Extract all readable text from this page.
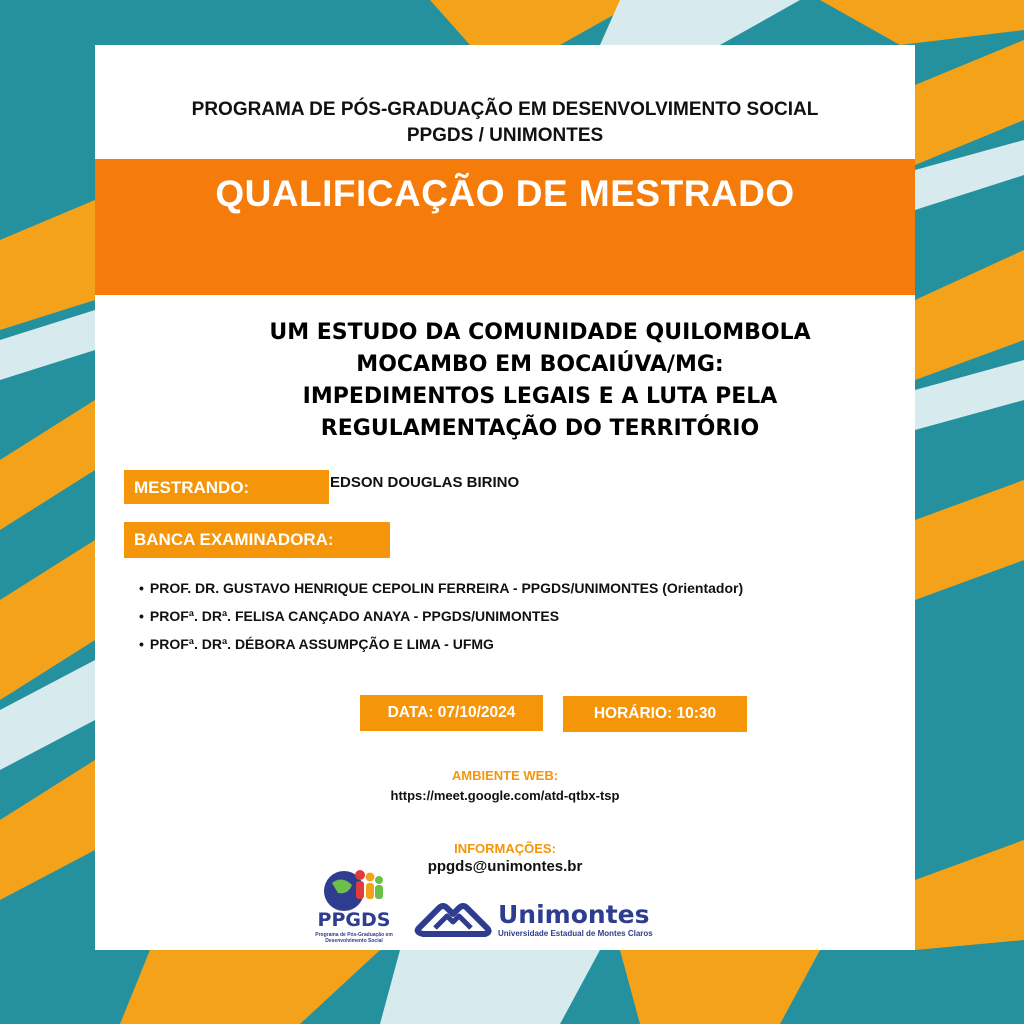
PROGRAMA DE PÓS-GRADUAÇÃO EM DESENVOLVIMENTO SOCIAL
PPGDS / UNIMONTES
QUALIFICAÇÃO DE MESTRADO
UM ESTUDO DA COMUNIDADE QUILOMBOLA
MOCAMBO EM BOCAIÚVA/MG:
IMPEDIMENTOS LEGAIS E A LUTA PELA
REGULAMENTAÇÃO DO TERRITÓRIO
MESTRANDO:	EDSON DOUGLAS BIRINO
BANCA EXAMINADORA:
• PROF. DR. GUSTAVO HENRIQUE CEPOLIN FERREIRA - PPGDS/UNIMONTES (Orientador)
• PROFª. DRª. FELISA CANÇADO ANAYA - PPGDS/UNIMONTES
• PROFª. DRª. DÉBORA ASSUMPÇÃO E LIMA - UFMG
DATA: 07/10/2024	HORÁRIO: 10:30
AMBIENTE WEB:
https://meet.google.com/atd-qtbx-tsp
INFORMAÇÕES:
ppgds@unimontes.br
PPGDS
Programa de Pós-Graduação em
Desenvolvimento Social
Unimontes
Universidade Estadual de Montes Claros
